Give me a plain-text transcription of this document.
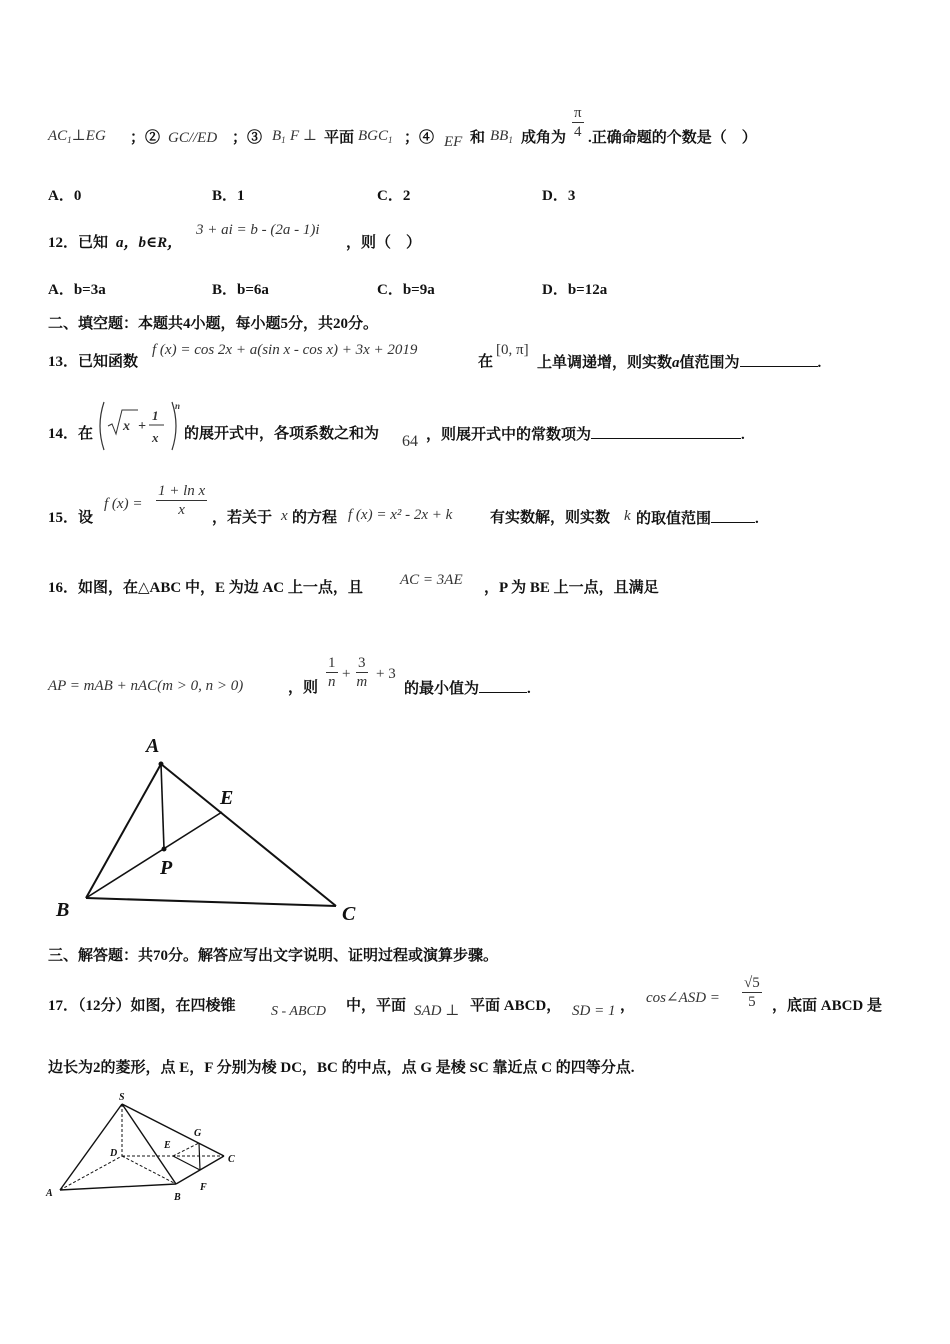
$AC_1\perp EG$ ；② GC//ED ；③ $B_1$ F ⊥ 平面 $BGC_1$ ；④ EF 和 $BB_1$ 成角为 $\frac{\pi}{4}$ .正确命题的个数是（　）
A．0	B．1	C．2	D．3
12．已知 a，b∈R，
3 + ai = b - (2a - 1)i
，则（　）
A．b=3a	B．b=6a	C．b=9a	D．b=12a
二、填空题：本题共4小题，每小题5分，共20分。
13．已知函数
f (x) = cos 2x + a(sin x - cos x) + 3x + 2019
在
[0, π]
上单调递增，则实数a值范围为	.
14．在 x +
1
x
n
的展开式中，各项系数之和为 64 ，则展开式中的常数项为	.
15．设
f $(x) = \frac{\text{1 + ln x}}{x}$ ，若关于 x 的方程 f (x) = x² - 2x + k	有实数解，则实数 k 的取值范围	.
16．如图，在△ABC 中，E 为边 AC 上一点，且 AC = 3AE ，P 为 BE 上一点，且满足
AP = mAB + nAC(m > 0, n > 0)	，则 $\frac{1}{n} + \frac{3}{m} + 3$
的最小值为	.
A
B	C
E
P
三、解答题：共70分。解答应写出文字说明、证明过程或演算步骤。
17．（12分）如图，在四棱锥	S - ABCD 中，平面 SAD ⊥ 平面 ABCD， SD = 1 ， cos∠ASD = $\frac{√5}{5}$ ，底面 ABCD 是
边长为2的菱形，点 E，F 分别为棱 DC，BC 的中点，点 G 是棱 SC 靠近点 C 的四等分点.
S
A	B
C
D
E
F
G
